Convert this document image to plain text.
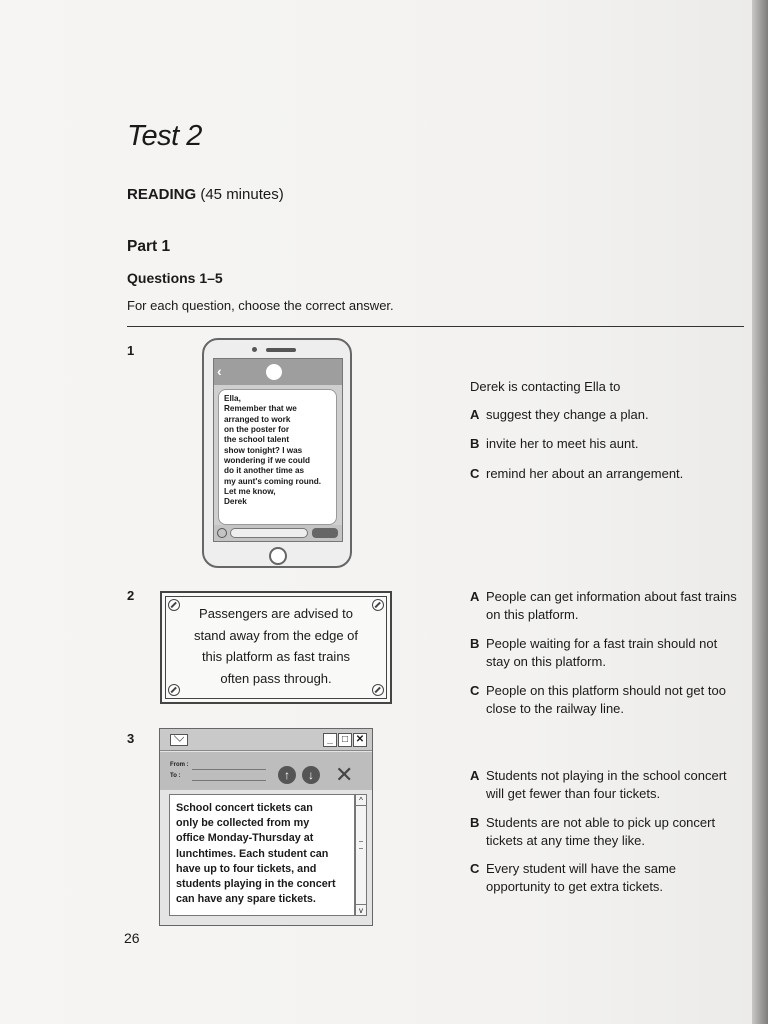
Test 2
READING (45 minutes)
Part 1
Questions 1–5
For each question, choose the correct answer.
1
‹
Ella,
Remember that we
arranged to work
on the poster for
the school talent
show tonight? I was
wondering if we could
do it another time as
my aunt's coming round.
Let me know,
Derek
Derek is contacting Ella to
A suggest they change a plan.
B invite her to meet his aunt.
C remind her about an arrangement.
2
Passengers are advised to
stand away from the edge of
this platform as fast trains
often pass through.
A People can get information about fast trains on this platform.
B People waiting for a fast train should not stay on this platform.
C People on this platform should not get too close to the railway line.
3	_ □ ✕
From :
To :	↑	↓ ✕
School concert tickets can
only be collected from my
office Monday-Thursday at
lunchtimes. Each student can
have up to four tickets, and
students playing in the concert
can have any spare tickets.
^
v
A Students not playing in the school concert will get fewer than four tickets.
B Students are not able to pick up concert tickets at any time they like.
C Every student will have the same opportunity to get extra tickets.
26
